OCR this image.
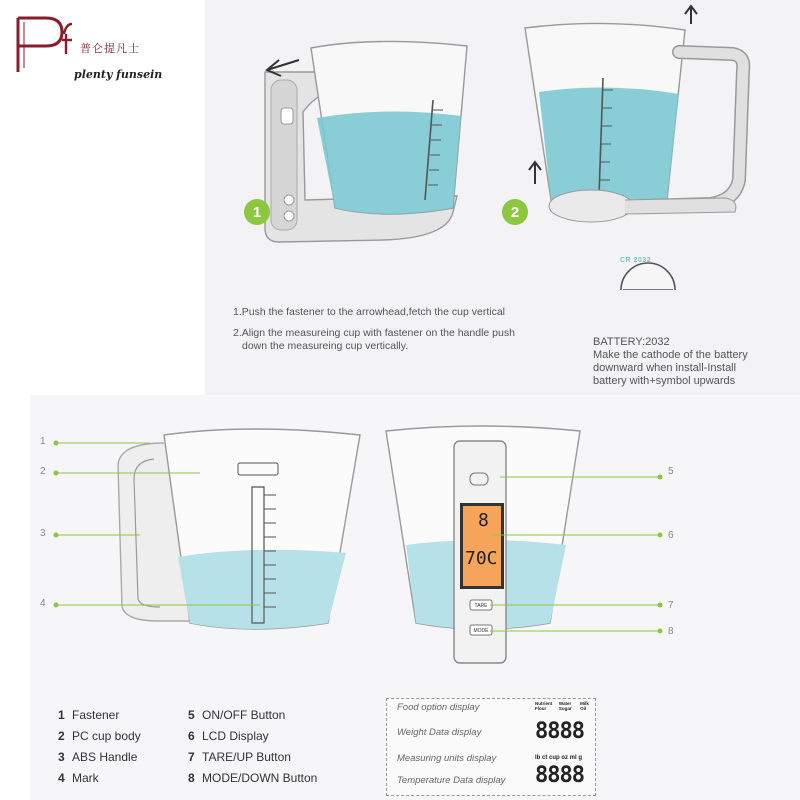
普仑提凡士
plenty funsein
1	2
CR 2032
1.Push the fastener to the arrowhead,fetch the cup vertical
2.Align the measureing cup with fastener on the handle push
down the measureing cup vertically.	BATTERY:2032
Make the cathode of the battery
downward when install-Install
battery with+symbol upwards
8
70C
TARE
MODE
1
2
3
4
5
6
7
8
1 Fastener
2 PC cup body
3 ABS Handle
4 Mark
5 ON/OFF Button
6 LCD Display
7 TARE/UP Button
8 MODE/DOWN Button
Food option display
Weight Data display
Measuring units display
Temperature Data display
Nutrient Flour
Water Sugar
Milk Oil
8888
lb ct cup oz ml g
8888
